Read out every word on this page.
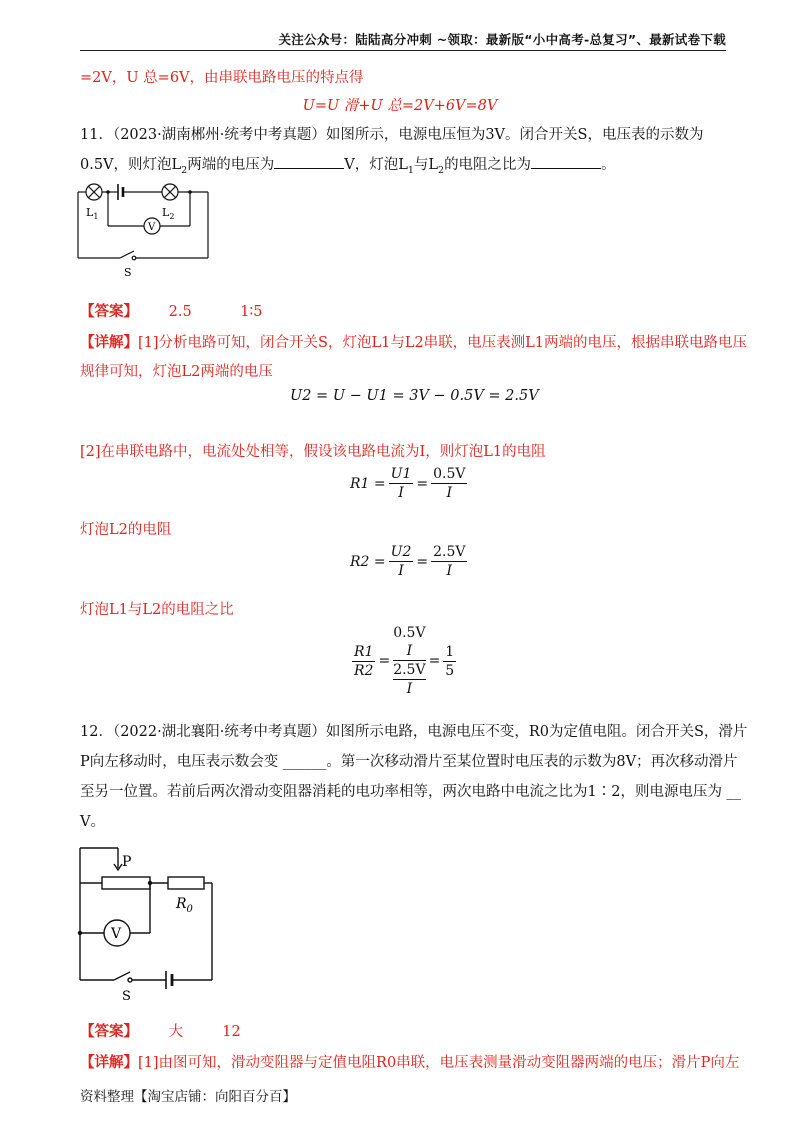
关注公众号：陆陆高分冲刺 ~领取：最新版“小中高考-总复习”、最新试卷下载
=2V，U 总=6V，由串联电路电压的特点得
U=U 滑+U 总=2V+6V=8V
11．（2023·湖南郴州·统考中考真题）如图所示，电源电压恒为3V。闭合开关S，电压表的示数为
0.5V，则灯泡$L_2$两端的电压为	V，灯泡$L_1$与$L_2$的电阻之比为	。
V
$L_1$	$L_2$
S
【答案】 2.5	1∶5
【详解】[1]分析电路可知，闭合开关S，灯泡L1与L2串联，电压表测L1两端的电压，根据串联电路电压
规律可知，灯泡L2两端的电压
U2 = U − U1 = 3V − 0.5V = 2.5V
[2]在串联电路中，电流处处相等，假设该电路电流为I，则灯泡L1的电阻
$R1 = \frac{U1}{I} = \frac{0.5V}{I}$
灯泡L2的电阻
$R2 = \frac{U2}{I} = \frac{2.5V}{I}$
灯泡L1与L2的电阻之比
$\frac{R1}{R2}$ =
0.5V
I
2.5V
I
= $\frac{1}{5}$
12．（2022·湖北襄阳·统考中考真题）如图所示电路，电源电压不变，R0为定值电阻。闭合开关S，滑片
P向左移动时，电压表示数会变 ______。第一次移动滑片至某位置时电压表的示数为8V；再次移动滑片
至另一位置。若前后两次滑动变阻器消耗的电功率相等，两次电路中电流之比为1∶2，则电源电压为 __
V。
V
P
$R_0$
S
【答案】 大	12
【详解】[1]由图可知，滑动变阻器与定值电阻R0串联，电压表测量滑动变阻器两端的电压；滑片P向左
资料整理【淘宝店铺：向阳百分百】
